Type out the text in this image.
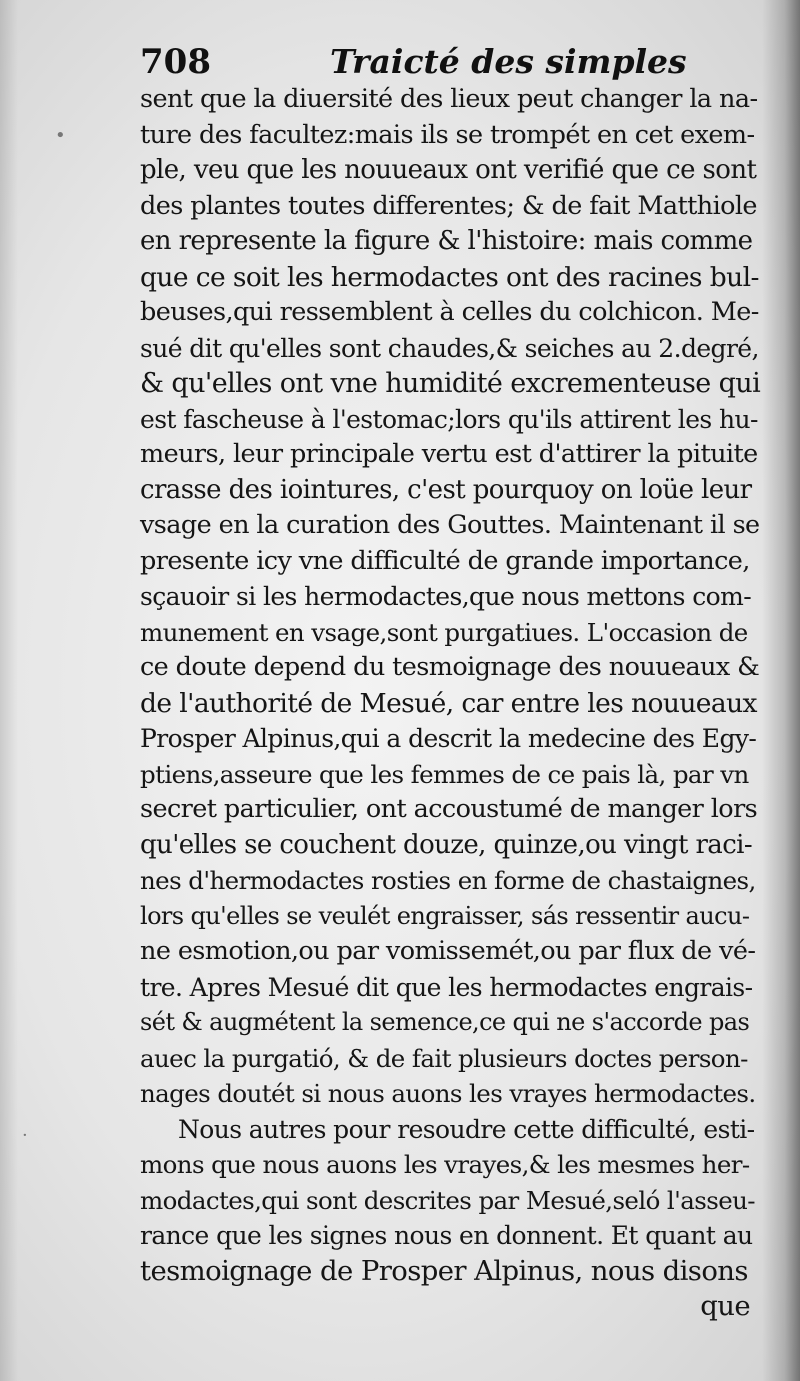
708	Traicté des simples
sent que la diuersité des lieux peut changer la na-
ture des facultez:mais ils se trompét en cet exem-
ple, veu que les nouueaux ont verifié que ce sont
des plantes toutes differentes; & de fait Matthiole
en represente la figure & l'histoire: mais comme
que ce soit les hermodactes ont des racines bul-
beuses,qui ressemblent à celles du colchicon. Me-
sué dit qu'elles sont chaudes,& seiches au 2.degré,
& qu'elles ont vne humidité excrementeuse qui
est fascheuse à l'estomac;lors qu'ils attirent les hu-
meurs, leur principale vertu est d'attirer la pituite
crasse des iointures, c'est pourquoy on loüe leur
vsage en la curation des Gouttes. Maintenant il se
presente icy vne difficulté de grande importance,
sçauoir si les hermodactes,que nous mettons com-
munement en vsage,sont purgatiues. L'occasion de
ce doute depend du tesmoignage des nouueaux &
de l'authorité de Mesué, car entre les nouueaux
Prosper Alpinus,qui a descrit la medecine des Egy-
ptiens,asseure que les femmes de ce pais là, par vn
secret particulier, ont accoustumé de manger lors
qu'elles se couchent douze, quinze,ou vingt raci-
nes d'hermodactes rosties en forme de chastaignes,
lors qu'elles se veulét engraisser, sás ressentir aucu-
ne esmotion,ou par vomissemét,ou par flux de vé-
tre. Apres Mesué dit que les hermodactes engrais-
sét & augmétent la semence,ce qui ne s'accorde pas
auec la purgatió, & de fait plusieurs doctes person-
nages doutét si nous auons les vrayes hermodactes.
Nous autres pour resoudre cette difficulté, esti-
mons que nous auons les vrayes,& les mesmes her-
modactes,qui sont descrites par Mesué,seló l'asseu-
rance que les signes nous en donnent. Et quant au
tesmoignage de Prosper Alpinus, nous disons
que
•
·
